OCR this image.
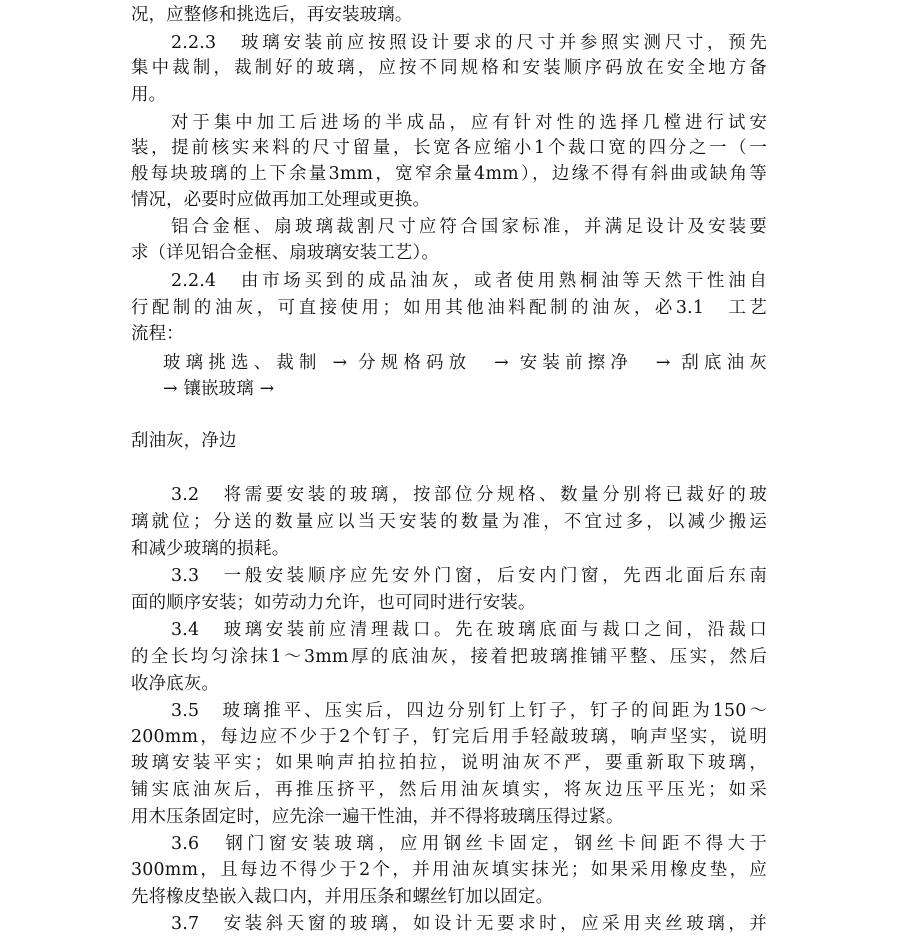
况，应整修和挑选后，再安装玻璃。
2.2.3　玻璃安装前应按照设计要求的尺寸并参照实测尺寸，预先
集中裁制，裁制好的玻璃，应按不同规格和安装顺序码放在安全地方备
用。
对于集中加工后进场的半成品，应有针对性的选择几樘进行试安
装，提前核实来料的尺寸留量，长宽各应缩小1个裁口宽的四分之一（一
般每块玻璃的上下余量3mm，宽窄余量4mm），边缘不得有斜曲或缺角等
情况，必要时应做再加工处理或更换。
铝合金框、扇玻璃裁割尺寸应符合国家标准，并满足设计及安装要
求（详见铝合金框、扇玻璃安装工艺）。
2.2.4　由市场买到的成品油灰，或者使用熟桐油等天然干性油自
行配制的油灰，可直接使用；如用其他油料配制的油灰，必3.1　工艺
流程：
玻璃挑选、裁制 → 分规格码放　→ 安装前擦净　→ 刮底油灰
→ 镶嵌玻璃 →
刮油灰，净边
3.2　将需要安装的玻璃，按部位分规格、数量分别将已裁好的玻
璃就位；分送的数量应以当天安装的数量为准，不宜过多，以减少搬运
和减少玻璃的损耗。
3.3　一般安装顺序应先安外门窗，后安内门窗，先西北面后东南
面的顺序安装；如劳动力允许，也可同时进行安装。
3.4　玻璃安装前应清理裁口。先在玻璃底面与裁口之间，沿裁口
的全长均匀涂抹1～3mm厚的底油灰，接着把玻璃推铺平整、压实，然后
收净底灰。
3.5　玻璃推平、压实后，四边分别钉上钉子，钉子的间距为150～
200mm，每边应不少于2个钉子，钉完后用手轻敲玻璃，响声坚实，说明
玻璃安装平实；如果响声拍拉拍拉，说明油灰不严，要重新取下玻璃，
铺实底油灰后，再推压挤平，然后用油灰填实，将灰边压平压光；如采
用木压条固定时，应先涂一遍干性油，并不得将玻璃压得过紧。
3.6　钢门窗安装玻璃，应用钢丝卡固定，钢丝卡间距不得大于
300mm，且每边不得少于2个，并用油灰填实抹光；如果采用橡皮垫，应
先将橡皮垫嵌入裁口内，并用压条和螺丝钉加以固定。
3.7　安装斜天窗的玻璃，如设计无要求时，应采用夹丝玻璃，并
